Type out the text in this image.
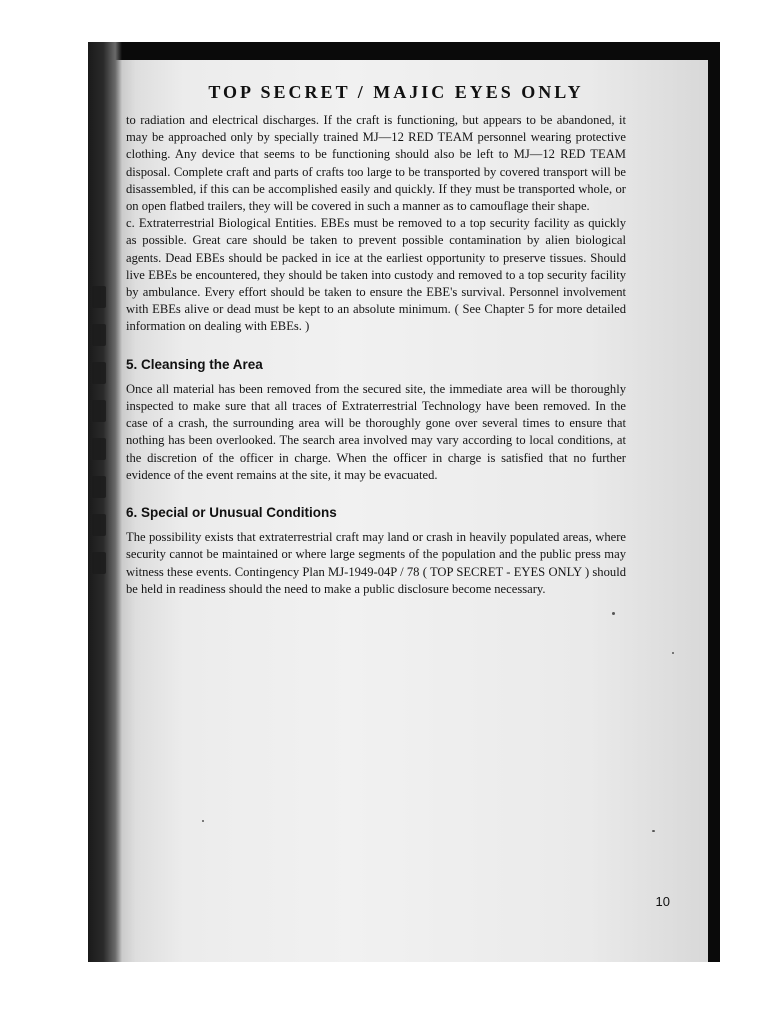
TOP SECRET / MAJIC EYES ONLY

to radiation and electrical discharges. If the craft is functioning, but appears to be abandoned, it may be approached only by specially trained MJ—12 RED TEAM personnel wearing protective clothing. Any device that seems to be functioning should also be left to MJ—12 RED TEAM disposal. Complete craft and parts of crafts too large to be transported by covered transport will be disassembled, if this can be accomplished easily and quickly. If they must be transported whole, or on open flatbed trailers, they will be covered in such a manner as to camouflage their shape.

c. Extraterrestrial Biological Entities. EBEs must be removed to a top security facility as quickly as possible. Great care should be taken to prevent possible contamination by alien biological agents. Dead EBEs should be packed in ice at the earliest opportunity to preserve tissues. Should live EBEs be encountered, they should be taken into custody and removed to a top security facility by ambulance. Every effort should be taken to ensure the EBE's survival. Personnel involvement with EBEs alive or dead must be kept to an absolute minimum. ( See Chapter 5 for more detailed information on dealing with EBEs. )

5. Cleansing the Area

Once all material has been removed from the secured site, the immediate area will be thoroughly inspected to make sure that all traces of Extraterrestrial Technology have been removed. In the case of a crash, the surrounding area will be thoroughly gone over several times to ensure that nothing has been overlooked. The search area involved may vary according to local conditions, at the discretion of the officer in charge. When the officer in charge is satisfied that no further evidence of the event remains at the site, it may be evacuated.

6. Special or Unusual Conditions

The possibility exists that extraterrestrial craft may land or crash in heavily populated areas, where security cannot be maintained or where large segments of the population and the public press may witness these events. Contingency Plan MJ-1949-04P / 78 ( TOP SECRET - EYES ONLY ) should be held in readiness should the need to make a public disclosure become necessary.

10
